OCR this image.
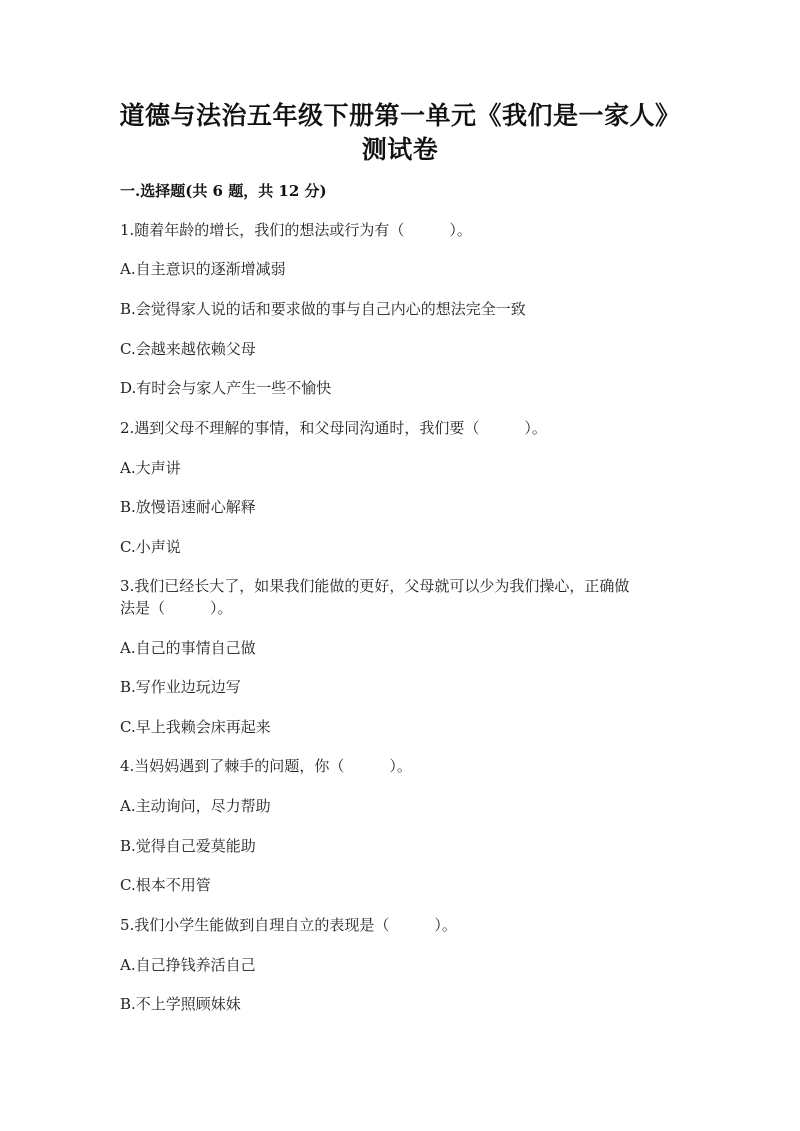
道德与法治五年级下册第一单元《我们是一家人》
测试卷
一.选择题(共 6 题，共 12 分)
1.随着年龄的增长，我们的想法或行为有（　　　）。
A.自主意识的逐渐增减弱
B.会觉得家人说的话和要求做的事与自己内心的想法完全一致
C.会越来越依赖父母
D.有时会与家人产生一些不愉快
2.遇到父母不理解的事情，和父母同沟通时，我们要（　　　）。
A.大声讲
B.放慢语速耐心解释
C.小声说
3.我们已经长大了，如果我们能做的更好，父母就可以少为我们操心，正确做
法是（　　　）。
A.自己的事情自己做
B.写作业边玩边写
C.早上我赖会床再起来
4.当妈妈遇到了棘手的问题，你（　　　）。
A.主动询问，尽力帮助
B.觉得自己爱莫能助
C.根本不用管
5.我们小学生能做到自理自立的表现是（　　　）。
A.自己挣钱养活自己
B.不上学照顾妹妹
